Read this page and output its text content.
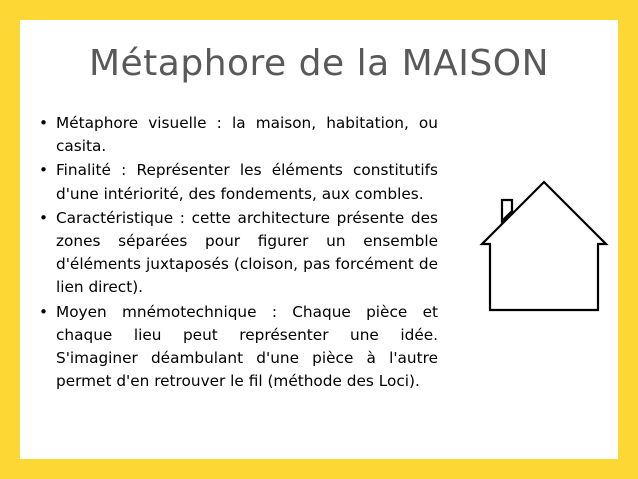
Métaphore de la MAISON
• Métaphore visuelle : la maison, habitation, ou casita.
• Finalité : Représenter les éléments constitutifs d'une intériorité, des fondements, aux combles.
• Caractéristique : cette architecture présente des zones séparées pour figurer un ensemble d'éléments juxtaposés (cloison, pas forcément de lien direct).
• Moyen mnémotechnique : Chaque pièce et chaque lieu peut représenter une idée. S'imaginer déambulant d'une pièce à l'autre permet d'en retrouver le fil (méthode des Loci).
